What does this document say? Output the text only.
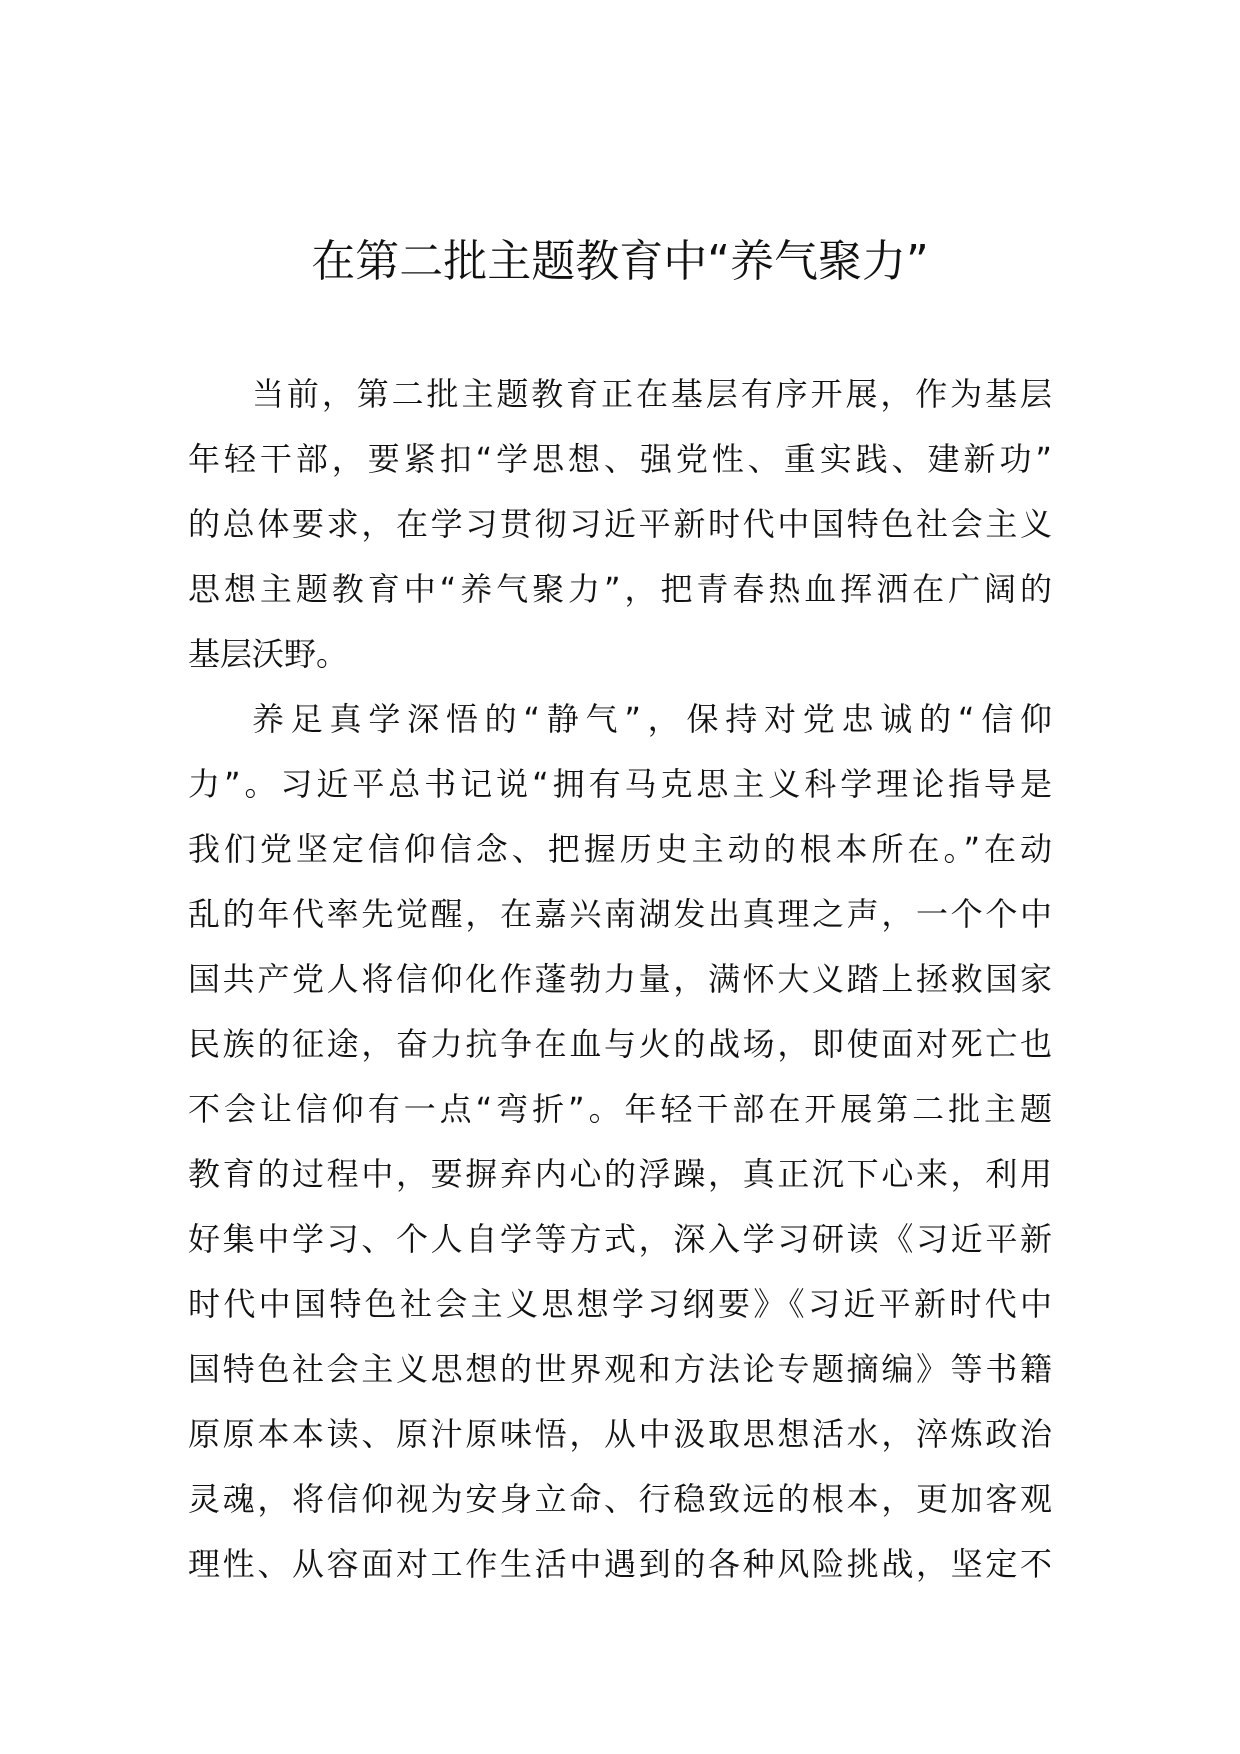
在第二批主题教育中“养气聚力”
当前，第二批主题教育正在基层有序开展，作为基层
年轻干部，要紧扣“学思想、强党性、重实践、建新功”
的总体要求，在学习贯彻习近平新时代中国特色社会主义
思想主题教育中“养气聚力”，把青春热血挥洒在广阔的
基层沃野。
养足真学深悟的“静气”，保持对党忠诚的“信仰
力”。习近平总书记说“拥有马克思主义科学理论指导是
我们党坚定信仰信念、把握历史主动的根本所在。”在动
乱的年代率先觉醒，在嘉兴南湖发出真理之声，一个个中
国共产党人将信仰化作蓬勃力量，满怀大义踏上拯救国家
民族的征途，奋力抗争在血与火的战场，即使面对死亡也
不会让信仰有一点“弯折”。年轻干部在开展第二批主题
教育的过程中，要摒弃内心的浮躁，真正沉下心来，利用
好集中学习、个人自学等方式，深入学习研读《习近平新
时代中国特色社会主义思想学习纲要》《习近平新时代中
国特色社会主义思想的世界观和方法论专题摘编》等书籍
原原本本读、原汁原味悟，从中汲取思想活水，淬炼政治
灵魂，将信仰视为安身立命、行稳致远的根本，更加客观
理性、从容面对工作生活中遇到的各种风险挑战，坚定不
